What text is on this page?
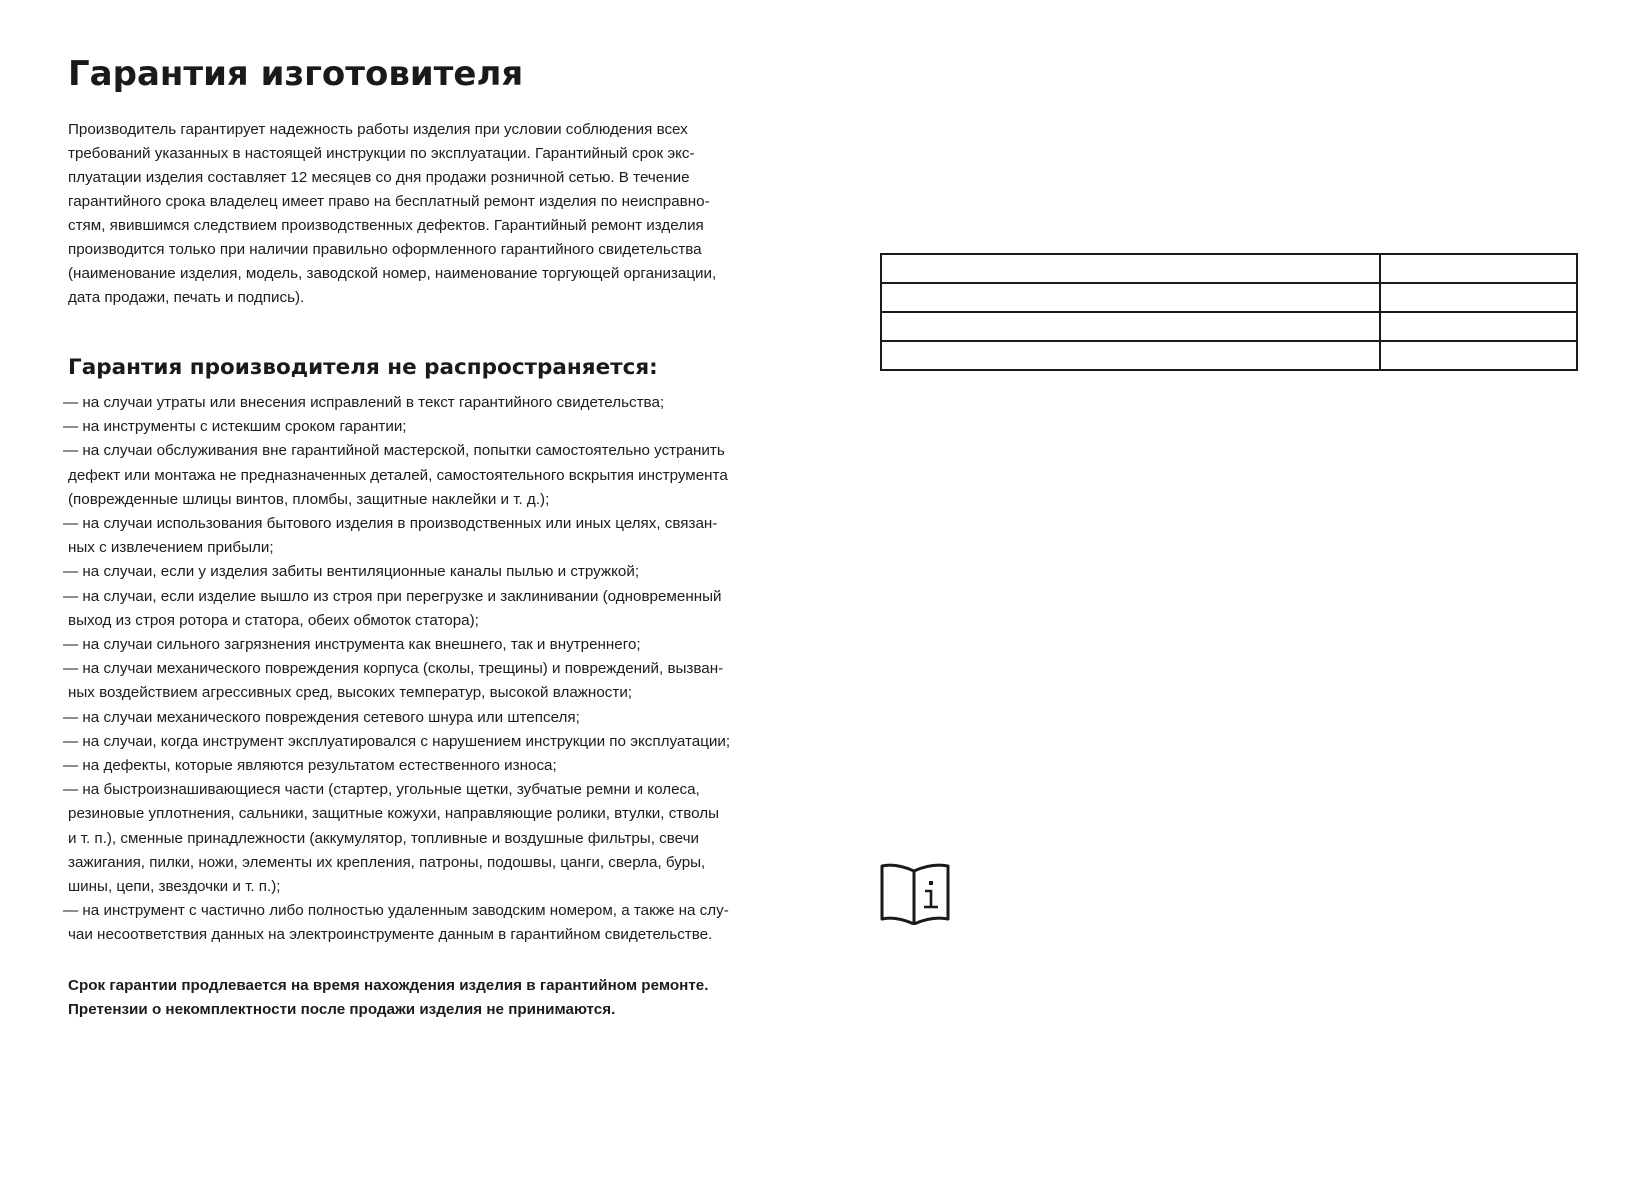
Гарантия изготовителя

Производитель гарантирует надежность работы изделия при условии соблюдения всех
требований указанных в настоящей инструкции по эксплуатации. Гарантийный срок экс-
плуатации изделия составляет 12 месяцев со дня продажи розничной сетью. В течение
гарантийного срока владелец имеет право на бесплатный ремонт изделия по неисправно-
стям, явившимся следствием производственных дефектов. Гарантийный ремонт изделия
производится только при наличии правильно оформленного гарантийного свидетельства
(наименование изделия, модель, заводской номер, наименование торгующей организации,
дата продажи, печать и подпись).

Гарантия производителя не распространяется:
— на случаи утраты или внесения исправлений в текст гарантийного свидетельства;
— на инструменты с истекшим сроком гарантии;
— на случаи обслуживания вне гарантийной мастерской, попытки самостоятельно устранить
дефект или монтажа не предназначенных деталей, самостоятельного вскрытия инструмента
(поврежденные шлицы винтов, пломбы, защитные наклейки и т. д.);
— на случаи использования бытового изделия в производственных или иных целях, связан-
ных с извлечением прибыли;
— на случаи, если у изделия забиты вентиляционные каналы пылью и стружкой;
— на случаи, если изделие вышло из строя при перегрузке и заклинивании (одновременный
выход из строя ротора и статора, обеих обмоток статора);
— на случаи сильного загрязнения инструмента как внешнего, так и внутреннего;
— на случаи механического повреждения корпуса (сколы, трещины) и повреждений, вызван-
ных воздействием агрессивных сред, высоких температур, высокой влажности;
— на случаи механического повреждения сетевого шнура или штепселя;
— на случаи, когда инструмент эксплуатировался с нарушением инструкции по эксплуатации;
— на дефекты, которые являются результатом естественного износа;
— на быстроизнашивающиеся части (стартер, угольные щетки, зубчатые ремни и колеса,
резиновые уплотнения, сальники, защитные кожухи, направляющие ролики, втулки, стволы
и т. п.), сменные принадлежности (аккумулятор, топливные и воздушные фильтры, свечи
зажигания, пилки, ножи, элементы их крепления, патроны, подошвы, цанги, сверла, буры,
шины, цепи, звездочки и т. п.);
— на инструмент с частично либо полностью удаленным заводским номером, а также на слу-
чаи несоответствия данных на электроинструменте данным в гарантийном свидетельстве.

Срок гарантии продлевается на время нахождения изделия в гарантийном ремонте.

Претензии о некомплектности после продажи изделия не принимаются.
